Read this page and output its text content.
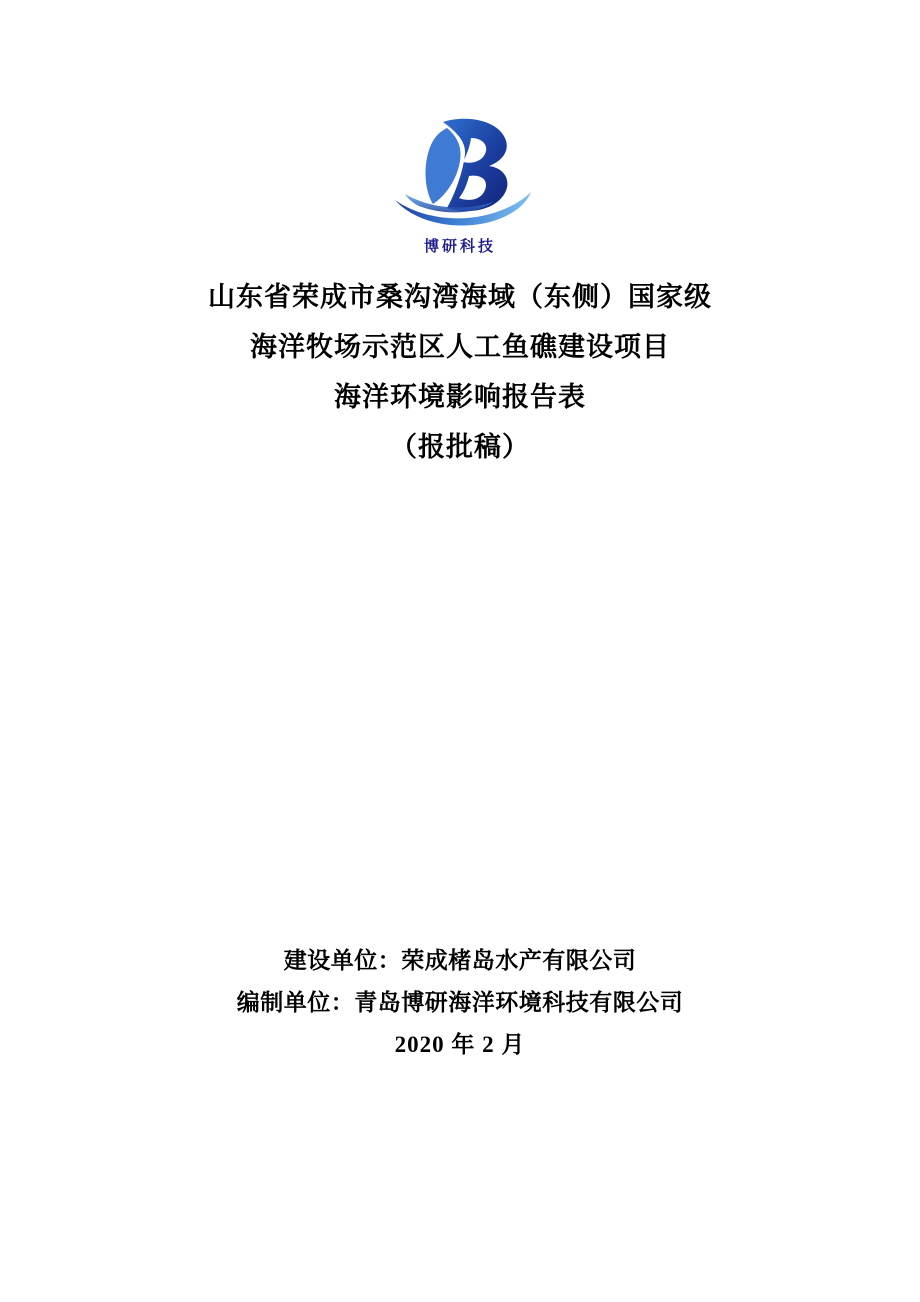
博研科技
山东省荣成市桑沟湾海域（东侧）国家级
海洋牧场示范区人工鱼礁建设项目
海洋环境影响报告表
（报批稿）
建设单位：荣成楮岛水产有限公司
编制单位：青岛博研海洋环境科技有限公司
2020 年 2 月
